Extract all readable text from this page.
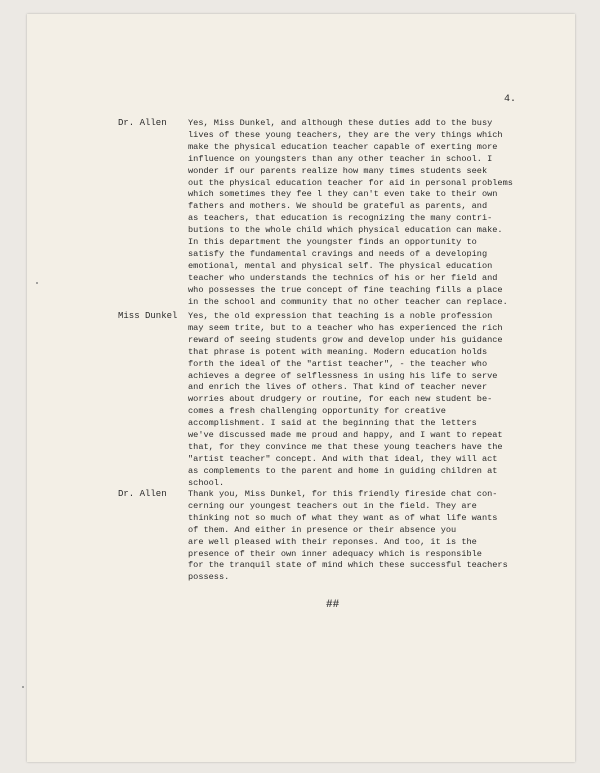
4.
Dr. Allen Yes, Miss Dunkel, and although these duties add to the busy
lives of these young teachers, they are the very things which
make the physical education teacher capable of exerting more
influence on youngsters than any other teacher in school. I
wonder if our parents realize how many times students seek
out the physical education teacher for aid in personal problems
which sometimes they fee l they can't even take to their own
fathers and mothers. We should be grateful as parents, and
as teachers, that education is recognizing the many contri-
butions to the whole child which physical education can make.
In this department the youngster finds an opportunity to
satisfy the fundamental cravings and needs of a developing
emotional, mental and physical self. The physical education
teacher who understands the technics of his or her field and
who possesses the true concept of fine teaching fills a place
in the school and community that no other teacher can replace.
Miss Dunkel Yes, the old expression that teaching is a noble profession
may seem trite, but to a teacher who has experienced the rich
reward of seeing students grow and develop under his guidance
that phrase is potent with meaning. Modern education holds
forth the ideal of the "artist teacher", - the teacher who
achieves a degree of selflessness in using his life to serve
and enrich the lives of others. That kind of teacher never
worries about drudgery or routine, for each new student be-
comes a fresh challenging opportunity for creative
accomplishment. I said at the beginning that the letters
we've discussed made me proud and happy, and I want to repeat
that, for they convince me that these young teachers have the
"artist teacher" concept. And with that ideal, they will act
as complements to the parent and home in guiding children at
school.
Dr. Allen Thank you, Miss Dunkel, for this friendly fireside chat con-
cerning our youngest teachers out in the field. They are
thinking not so much of what they want as of what life wants
of them. And either in presence or their absence you
are well pleased with their reponses. And too, it is the
presence of their own inner adequacy which is responsible
for the tranquil state of mind which these successful teachers
possess.
##
